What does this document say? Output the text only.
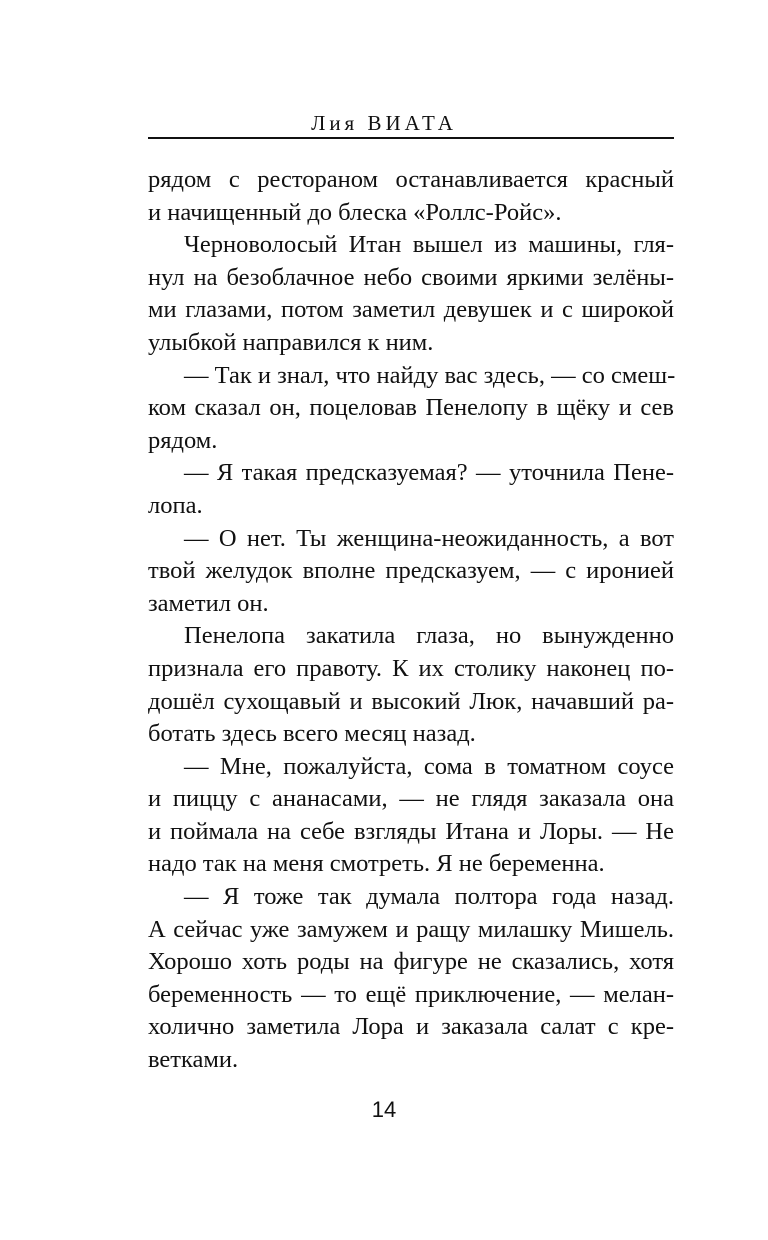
Лия ВИАТА
рядом с рестораном останавливается красный
и начищенный до блеска «Роллс-Ройс».
Черноволосый Итан вышел из машины, гля-
нул на безоблачное небо своими яркими зелёны-
ми глазами, потом заметил девушек и с широкой
улыбкой направился к ним.
— Так и знал, что найду вас здесь, — со смеш-
ком сказал он, поцеловав Пенелопу в щёку и сев
рядом.
— Я такая предсказуемая? — уточнила Пене-
лопа.
— О нет. Ты женщина-неожиданность, а вот
твой желудок вполне предсказуем, — с иронией
заметил он.
Пенелопа закатила глаза, но вынужденно
признала его правоту. К их столику наконец по-
дошёл сухощавый и высокий Люк, начавший ра-
ботать здесь всего месяц назад.
— Мне, пожалуйста, сома в томатном соусе
и пиццу с ананасами, — не глядя заказала она
и поймала на себе взгляды Итана и Лоры. — Не
надо так на меня смотреть. Я не беременна.
— Я тоже так думала полтора года назад.
А сейчас уже замужем и ращу милашку Мишель.
Хорошо хоть роды на фигуре не сказались, хотя
беременность — то ещё приключение, — мелан-
холично заметила Лора и заказала салат с кре-
ветками.
14
